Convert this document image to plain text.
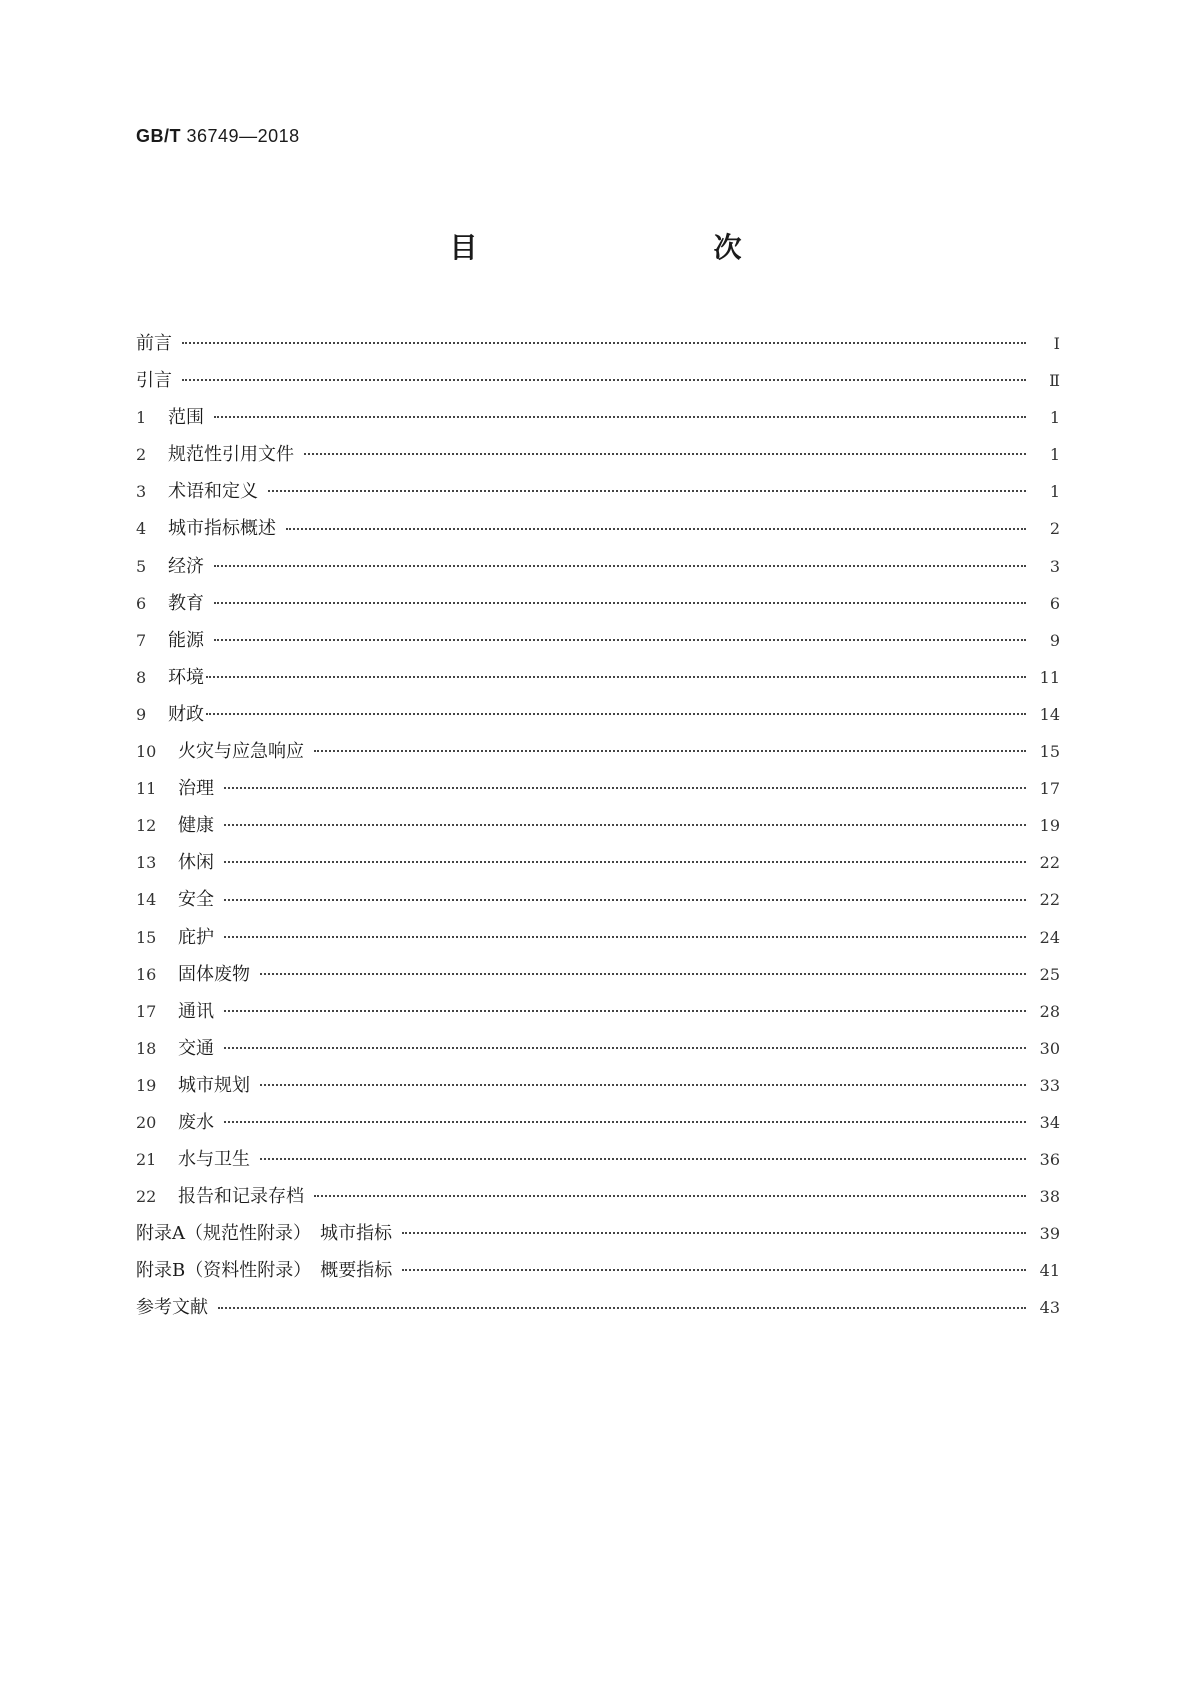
GB/T 36749—2018
目　　次
前言	Ⅰ
引言	Ⅱ
1	范围	1
2	规范性引用文件	1
3	术语和定义	1
4	城市指标概述	2
5	经济	3
6	教育	6
7	能源	9
8	环境	11
9	财政	14
10	火灾与应急响应	15
11	治理	17
12	健康	19
13	休闲	22
14	安全	22
15	庇护	24
16	固体废物	25
17	通讯	28
18	交通	30
19	城市规划	33
20	废水	34
21	水与卫生	36
22	报告和记录存档	38
附录A（规范性附录）　城市指标	39
附录B（资料性附录）　概要指标	41
参考文献	43
